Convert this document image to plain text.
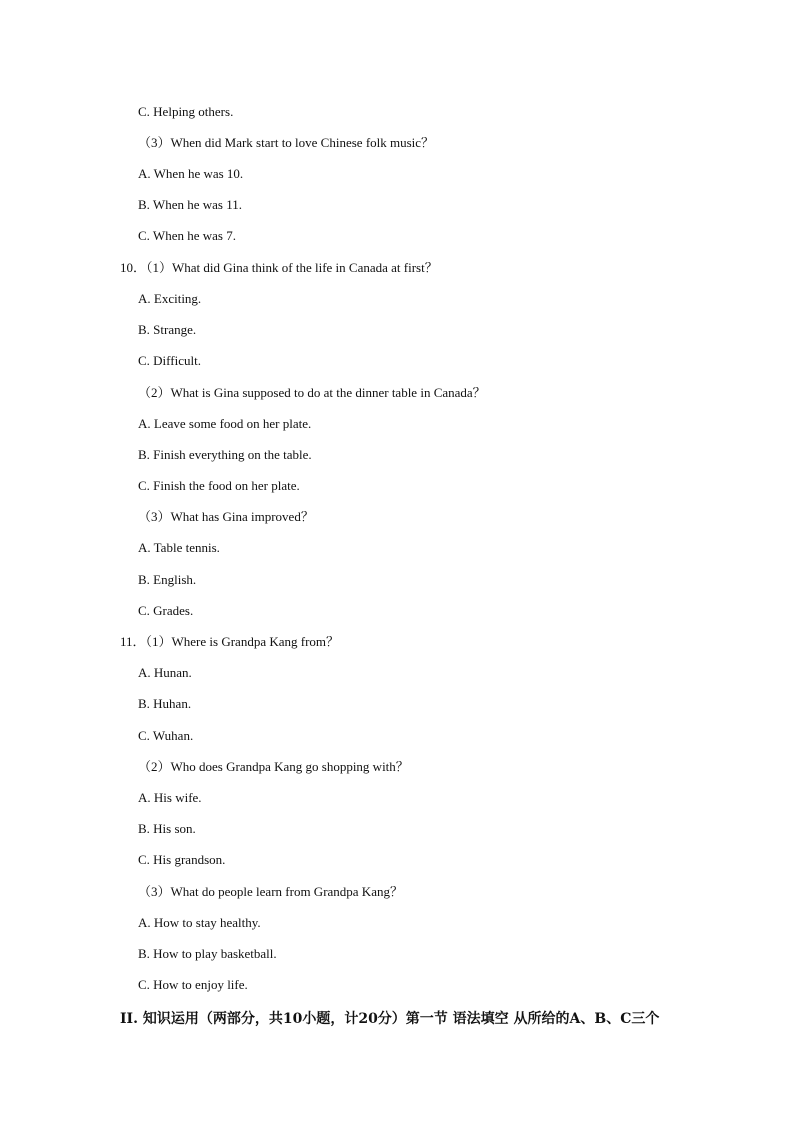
C. Helping others.
（3）When did Mark start to love Chinese folk music？
A. When he was 10.
B. When he was 11.
C. When he was 7.
10．（1）What did Gina think of the life in Canada at first？
A. Exciting.
B. Strange.
C. Difficult.
（2）What is Gina supposed to do at the dinner table in Canada？
A. Leave some food on her plate.
B. Finish everything on the table.
C. Finish the food on her plate.
（3）What has Gina improved？
A. Table tennis.
B. English.
C. Grades.
11．（1）Where is Grandpa Kang from？
A. Hunan.
B. Huhan.
C. Wuhan.
（2）Who does Grandpa Kang go shopping with？
A. His wife.
B. His son.
C. His grandson.
（3）What do people learn from Grandpa Kang？
A. How to stay healthy.
B. How to play basketball.
C. How to enjoy life.
II. 知识运用（两部分，共10小题，计20分）第一节 语法填空 从所给的A、B、C三个
